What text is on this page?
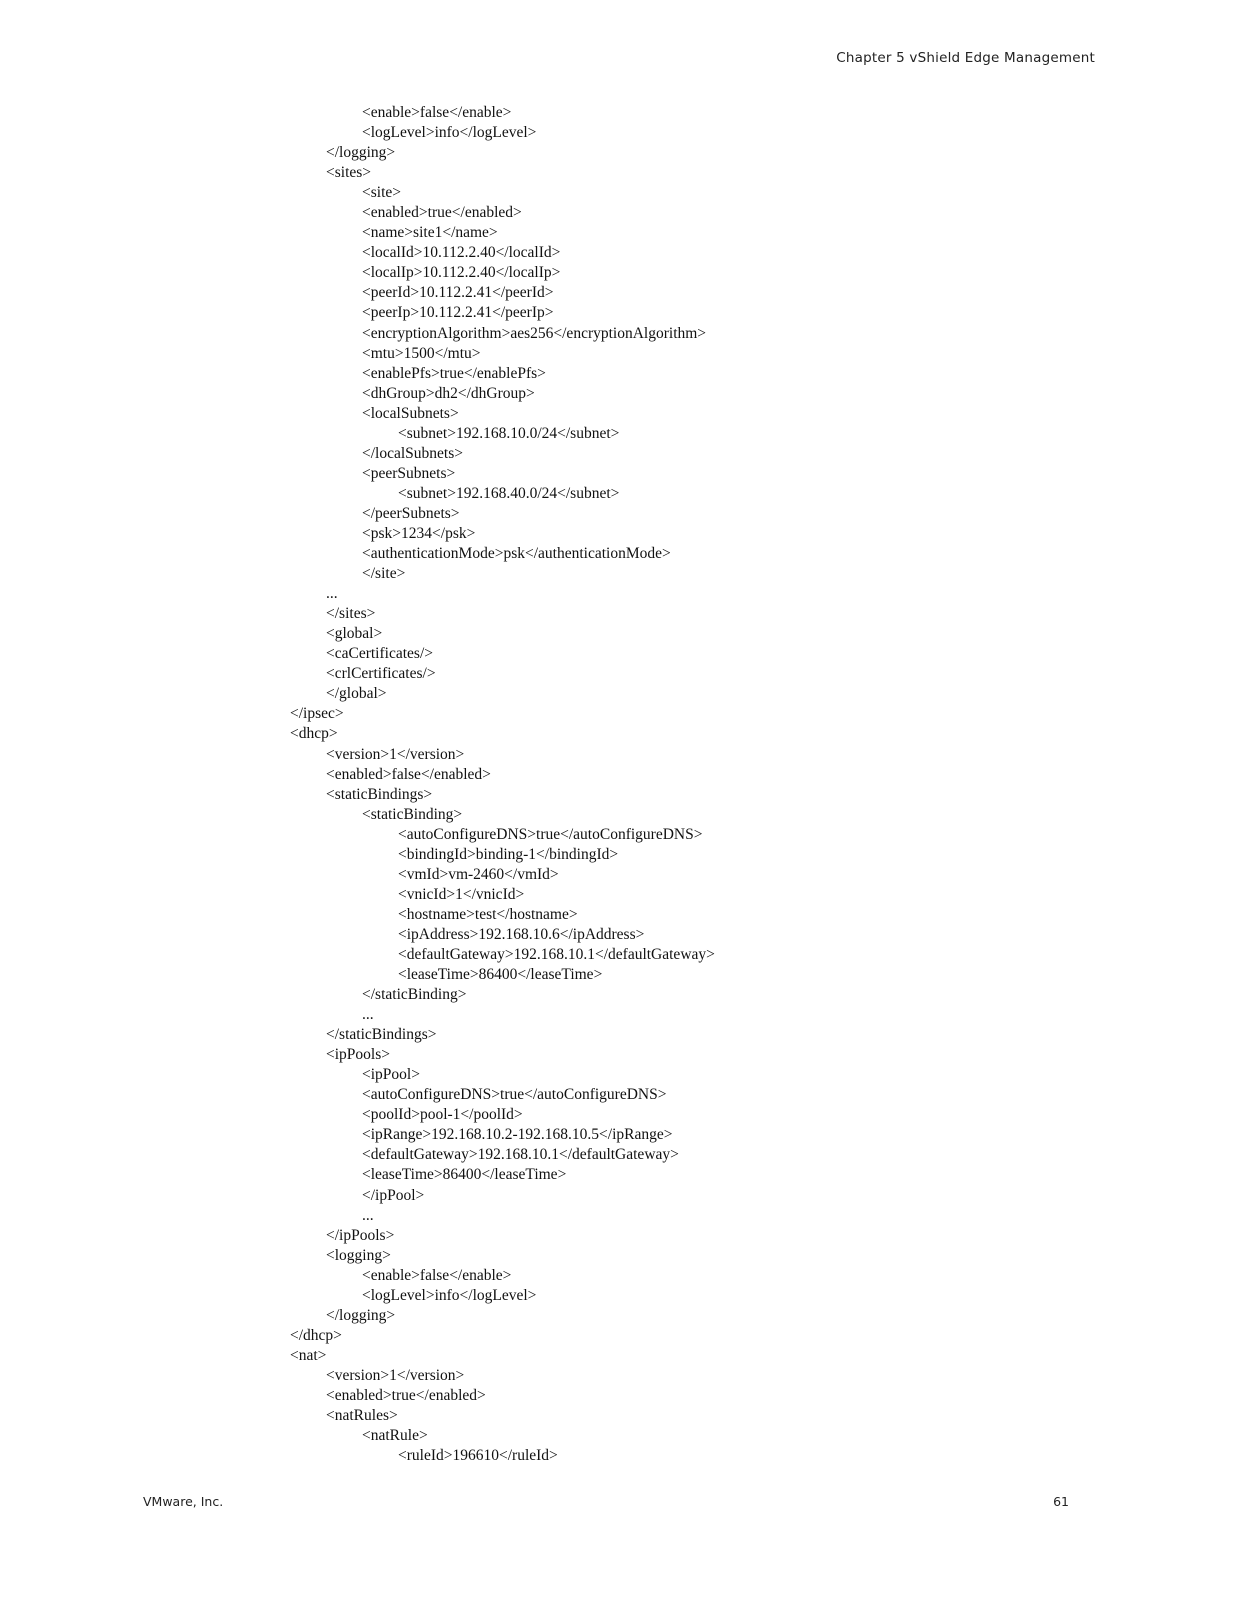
Chapter 5 vShield Edge Management
<enable>false</enable>
<logLevel>info</logLevel>
</logging>
<sites>
<site>
<enabled>true</enabled>
<name>site1</name>
<localId>10.112.2.40</localId>
<localIp>10.112.2.40</localIp>
<peerId>10.112.2.41</peerId>
<peerIp>10.112.2.41</peerIp>
<encryptionAlgorithm>aes256</encryptionAlgorithm>
<mtu>1500</mtu>
<enablePfs>true</enablePfs>
<dhGroup>dh2</dhGroup>
<localSubnets>
<subnet>192.168.10.0/24</subnet>
</localSubnets>
<peerSubnets>
<subnet>192.168.40.0/24</subnet>
</peerSubnets>
<psk>1234</psk>
<authenticationMode>psk</authenticationMode>
</site>
...
</sites>
<global>
<caCertificates/>
<crlCertificates/>
</global>
</ipsec>
<dhcp>
<version>1</version>
<enabled>false</enabled>
<staticBindings>
<staticBinding>
<autoConfigureDNS>true</autoConfigureDNS>
<bindingId>binding-1</bindingId>
<vmId>vm-2460</vmId>
<vnicId>1</vnicId>
<hostname>test</hostname>
<ipAddress>192.168.10.6</ipAddress>
<defaultGateway>192.168.10.1</defaultGateway>
<leaseTime>86400</leaseTime>
</staticBinding>
...
</staticBindings>
<ipPools>
<ipPool>
<autoConfigureDNS>true</autoConfigureDNS>
<poolId>pool-1</poolId>
<ipRange>192.168.10.2-192.168.10.5</ipRange>
<defaultGateway>192.168.10.1</defaultGateway>
<leaseTime>86400</leaseTime>
</ipPool>
...
</ipPools>
<logging>
<enable>false</enable>
<logLevel>info</logLevel>
</logging>
</dhcp>
<nat>
<version>1</version>
<enabled>true</enabled>
<natRules>
<natRule>
<ruleId>196610</ruleId>
VMware, Inc.	61
